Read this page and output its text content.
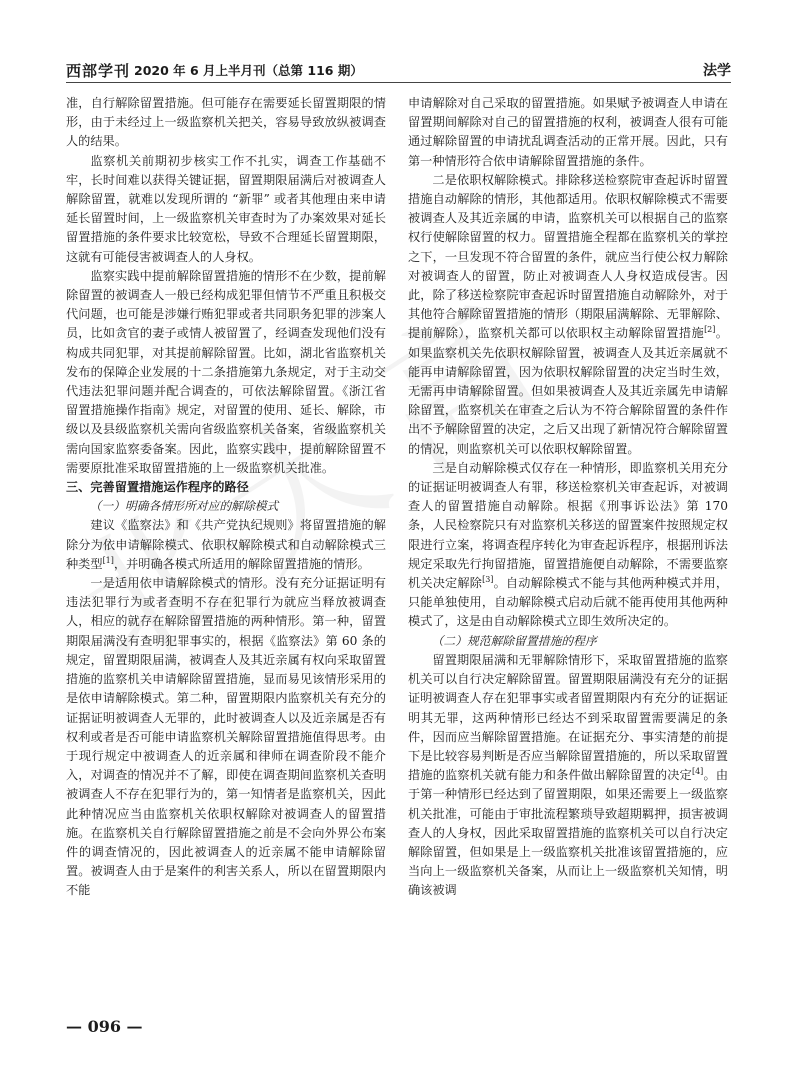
西部学刊 2020 年 6 月上半月刊（总第 116 期）	法学

准，自行解除留置措施。但可能存在需要延长留置期限的情形，由于未经过上一级监察机关把关，容易导致放纵被调查人的结果。

监察机关前期初步核实工作不扎实，调查工作基础不牢，长时间难以获得关键证据，留置期限届满后对被调查人解除留置，就难以发现所谓的 “新罪” 或者其他理由来申请延长留置时间，上一级监察机关审查时为了办案效果对延长留置措施的条件要求比较宽松，导致不合理延长留置期限，这就有可能侵害被调查人的人身权。

监察实践中提前解除留置措施的情形不在少数，提前解除留置的被调查人一般已经构成犯罪但情节不严重且积极交代问题，也可能是涉嫌行贿犯罪或者共同职务犯罪的涉案人员，比如贪官的妻子或情人被留置了，经调查发现他们没有构成共同犯罪，对其提前解除留置。比如，湖北省监察机关发布的保障企业发展的十二条措施第九条规定，对于主动交代违法犯罪问题并配合调查的，可依法解除留置。《浙江省留置措施操作指南》规定，对留置的使用、延长、解除，市级以及县级监察机关需向省级监察机关备案，省级监察机关需向国家监察委备案。因此，监察实践中，提前解除留置不需要原批准采取留置措施的上一级监察机关批准。

三、完善留置措施运作程序的路径
（一）明确各情形所对应的解除模式

建议《监察法》和《共产党执纪规则》将留置措施的解除分为依申请解除模式、依职权解除模式和自动解除模式三种类型[1]，并明确各模式所适用的解除留置措施的情形。

一是适用依申请解除模式的情形。没有充分证据证明有违法犯罪行为或者查明不存在犯罪行为就应当释放被调查人，相应的就存在解除留置措施的两种情形。第一种，留置期限届满没有查明犯罪事实的，根据《监察法》第 60 条的规定，留置期限届满，被调查人及其近亲属有权向采取留置措施的监察机关申请解除留置措施，显而易见该情形采用的是依申请解除模式。第二种，留置期限内监察机关有充分的证据证明被调查人无罪的，此时被调查人以及近亲属是否有权利或者是否可能申请监察机关解除留置措施值得思考。由于现行规定中被调查人的近亲属和律师在调查阶段不能介入，对调查的情况并不了解，即使在调查期间监察机关查明被调查人不存在犯罪行为的，第一知情者是监察机关，因此此种情况应当由监察机关依职权解除对被调查人的留置措施。在监察机关自行解除留置措施之前是不会向外界公布案件的调查情况的，因此被调查人的近亲属不能申请解除留置。被调查人由于是案件的利害关系人，所以在留置期限内不能

申请解除对自己采取的留置措施。如果赋予被调查人申请在留置期间解除对自己的留置措施的权利，被调查人很有可能通过解除留置的申请扰乱调查活动的正常开展。因此，只有第一种情形符合依申请解除留置措施的条件。

二是依职权解除模式。排除移送检察院审查起诉时留置措施自动解除的情形，其他都适用。依职权解除模式不需要被调查人及其近亲属的申请，监察机关可以根据自己的监察权行使解除留置的权力。留置措施全程都在监察机关的掌控之下，一旦发现不符合留置的条件，就应当行使公权力解除对被调查人的留置，防止对被调查人人身权造成侵害。因此，除了移送检察院审查起诉时留置措施自动解除外，对于其他符合解除留置措施的情形（期限届满解除、无罪解除、提前解除），监察机关都可以依职权主动解除留置措施[2]。如果监察机关先依职权解除留置，被调查人及其近亲属就不能再申请解除留置，因为依职权解除留置的决定当时生效，无需再申请解除留置。但如果被调查人及其近亲属先申请解除留置，监察机关在审查之后认为不符合解除留置的条件作出不予解除留置的决定，之后又出现了新情况符合解除留置的情况，则监察机关可以依职权解除留置。

三是自动解除模式仅存在一种情形，即监察机关用充分的证据证明被调查人有罪，移送检察机关审查起诉，对被调查人的留置措施自动解除。根据《刑事诉讼法》第 170 条，人民检察院只有对监察机关移送的留置案件按照规定权限进行立案，将调查程序转化为审查起诉程序，根据刑诉法规定采取先行拘留措施，留置措施便自动解除，不需要监察机关决定解除[3]。自动解除模式不能与其他两种模式并用，只能单独使用，自动解除模式启动后就不能再使用其他两种模式了，这是由自动解除模式立即生效所决定的。

（二）规范解除留置措施的程序

留置期限届满和无罪解除情形下，采取留置措施的监察机关可以自行决定解除留置。留置期限届满没有充分的证据证明被调查人存在犯罪事实或者留置期限内有充分的证据证明其无罪，这两种情形已经达不到采取留置需要满足的条件，因而应当解除留置措施。在证据充分、事实清楚的前提下是比较容易判断是否应当解除留置措施的，所以采取留置措施的监察机关就有能力和条件做出解除留置的决定[4]。由于第一种情形已经达到了留置期限，如果还需要上一级监察机关批准，可能由于审批流程繁琐导致超期羁押，损害被调查人的人身权，因此采取留置措施的监察机关可以自行决定解除留置，但如果是上一级监察机关批准该留置措施的，应当向上一级监察机关备案，从而让上一级监察机关知情，明确该被调

— 096 —
